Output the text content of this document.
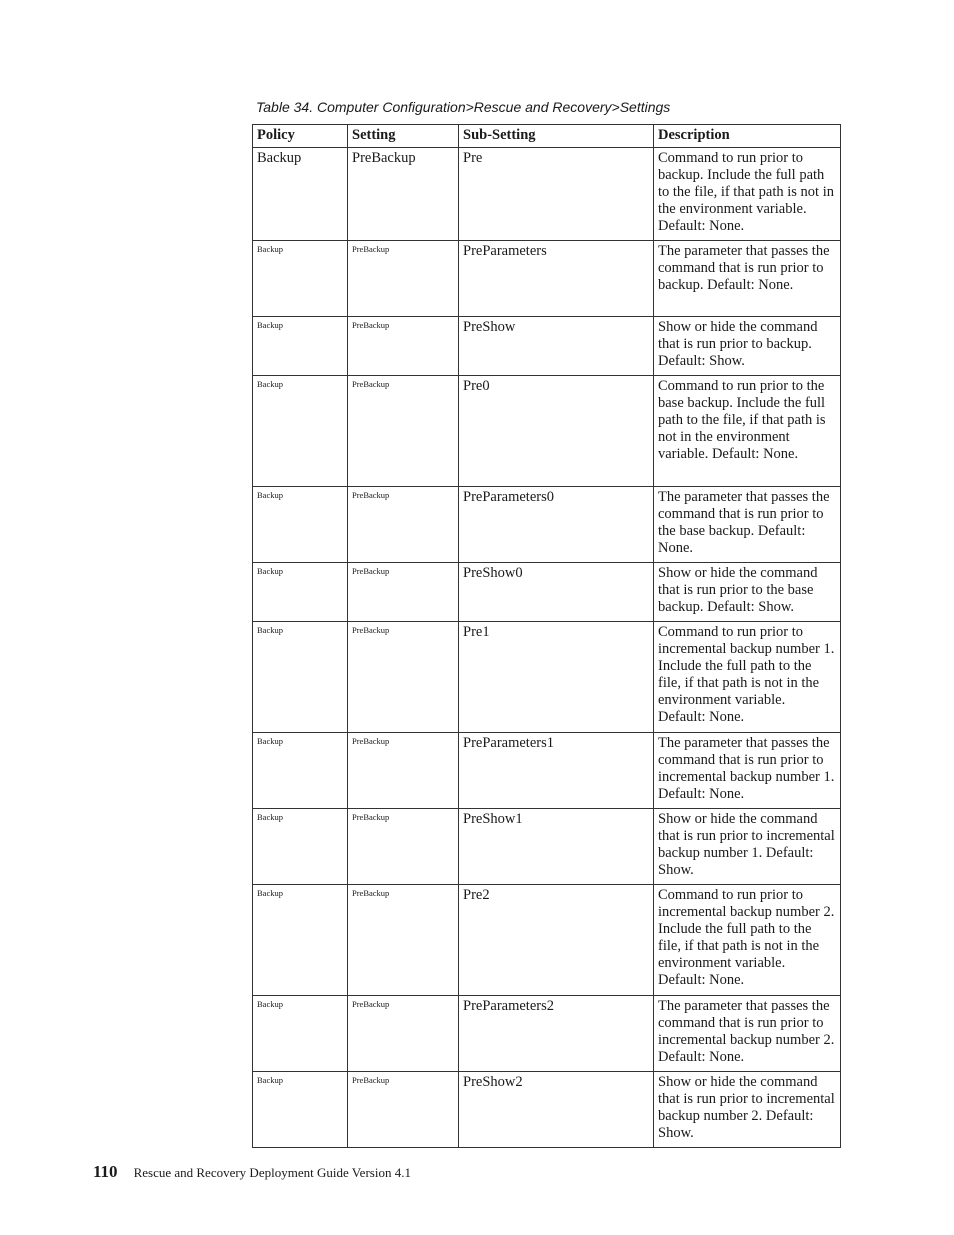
Table 34. Computer Configuration>Rescue and Recovery>Settings
Policy	Setting	Sub-Setting	Description
Backup	PreBackup	Pre	Command to run prior to backup. Include the full path to the file, if that path is not in the environment variable. Default: None.
Backup	PreBackup	PreParameters	The parameter that passes the command that is run prior to backup. Default: None.
Backup	PreBackup	PreShow	Show or hide the command that is run prior to backup. Default: Show.
Backup	PreBackup	Pre0	Command to run prior to the base backup. Include the full path to the file, if that path is not in the environment variable. Default: None.
Backup	PreBackup	PreParameters0	The parameter that passes the command that is run prior to the base backup. Default: None.
Backup	PreBackup	PreShow0	Show or hide the command that is run prior to the base backup. Default: Show.
Backup	PreBackup	Pre1	Command to run prior to incremental backup number 1. Include the full path to the file, if that path is not in the environment variable. Default: None.
Backup	PreBackup	PreParameters1	The parameter that passes the command that is run prior to incremental backup number 1. Default: None.
Backup	PreBackup	PreShow1	Show or hide the command that is run prior to incremental backup number 1. Default: Show.
Backup	PreBackup	Pre2	Command to run prior to incremental backup number 2. Include the full path to the file, if that path is not in the environment variable. Default: None.
Backup	PreBackup	PreParameters2	The parameter that passes the command that is run prior to incremental backup number 2. Default: None.
Backup	PreBackup	PreShow2	Show or hide the command that is run prior to incremental backup number 2. Default: Show.
110 Rescue and Recovery Deployment Guide Version 4.1
